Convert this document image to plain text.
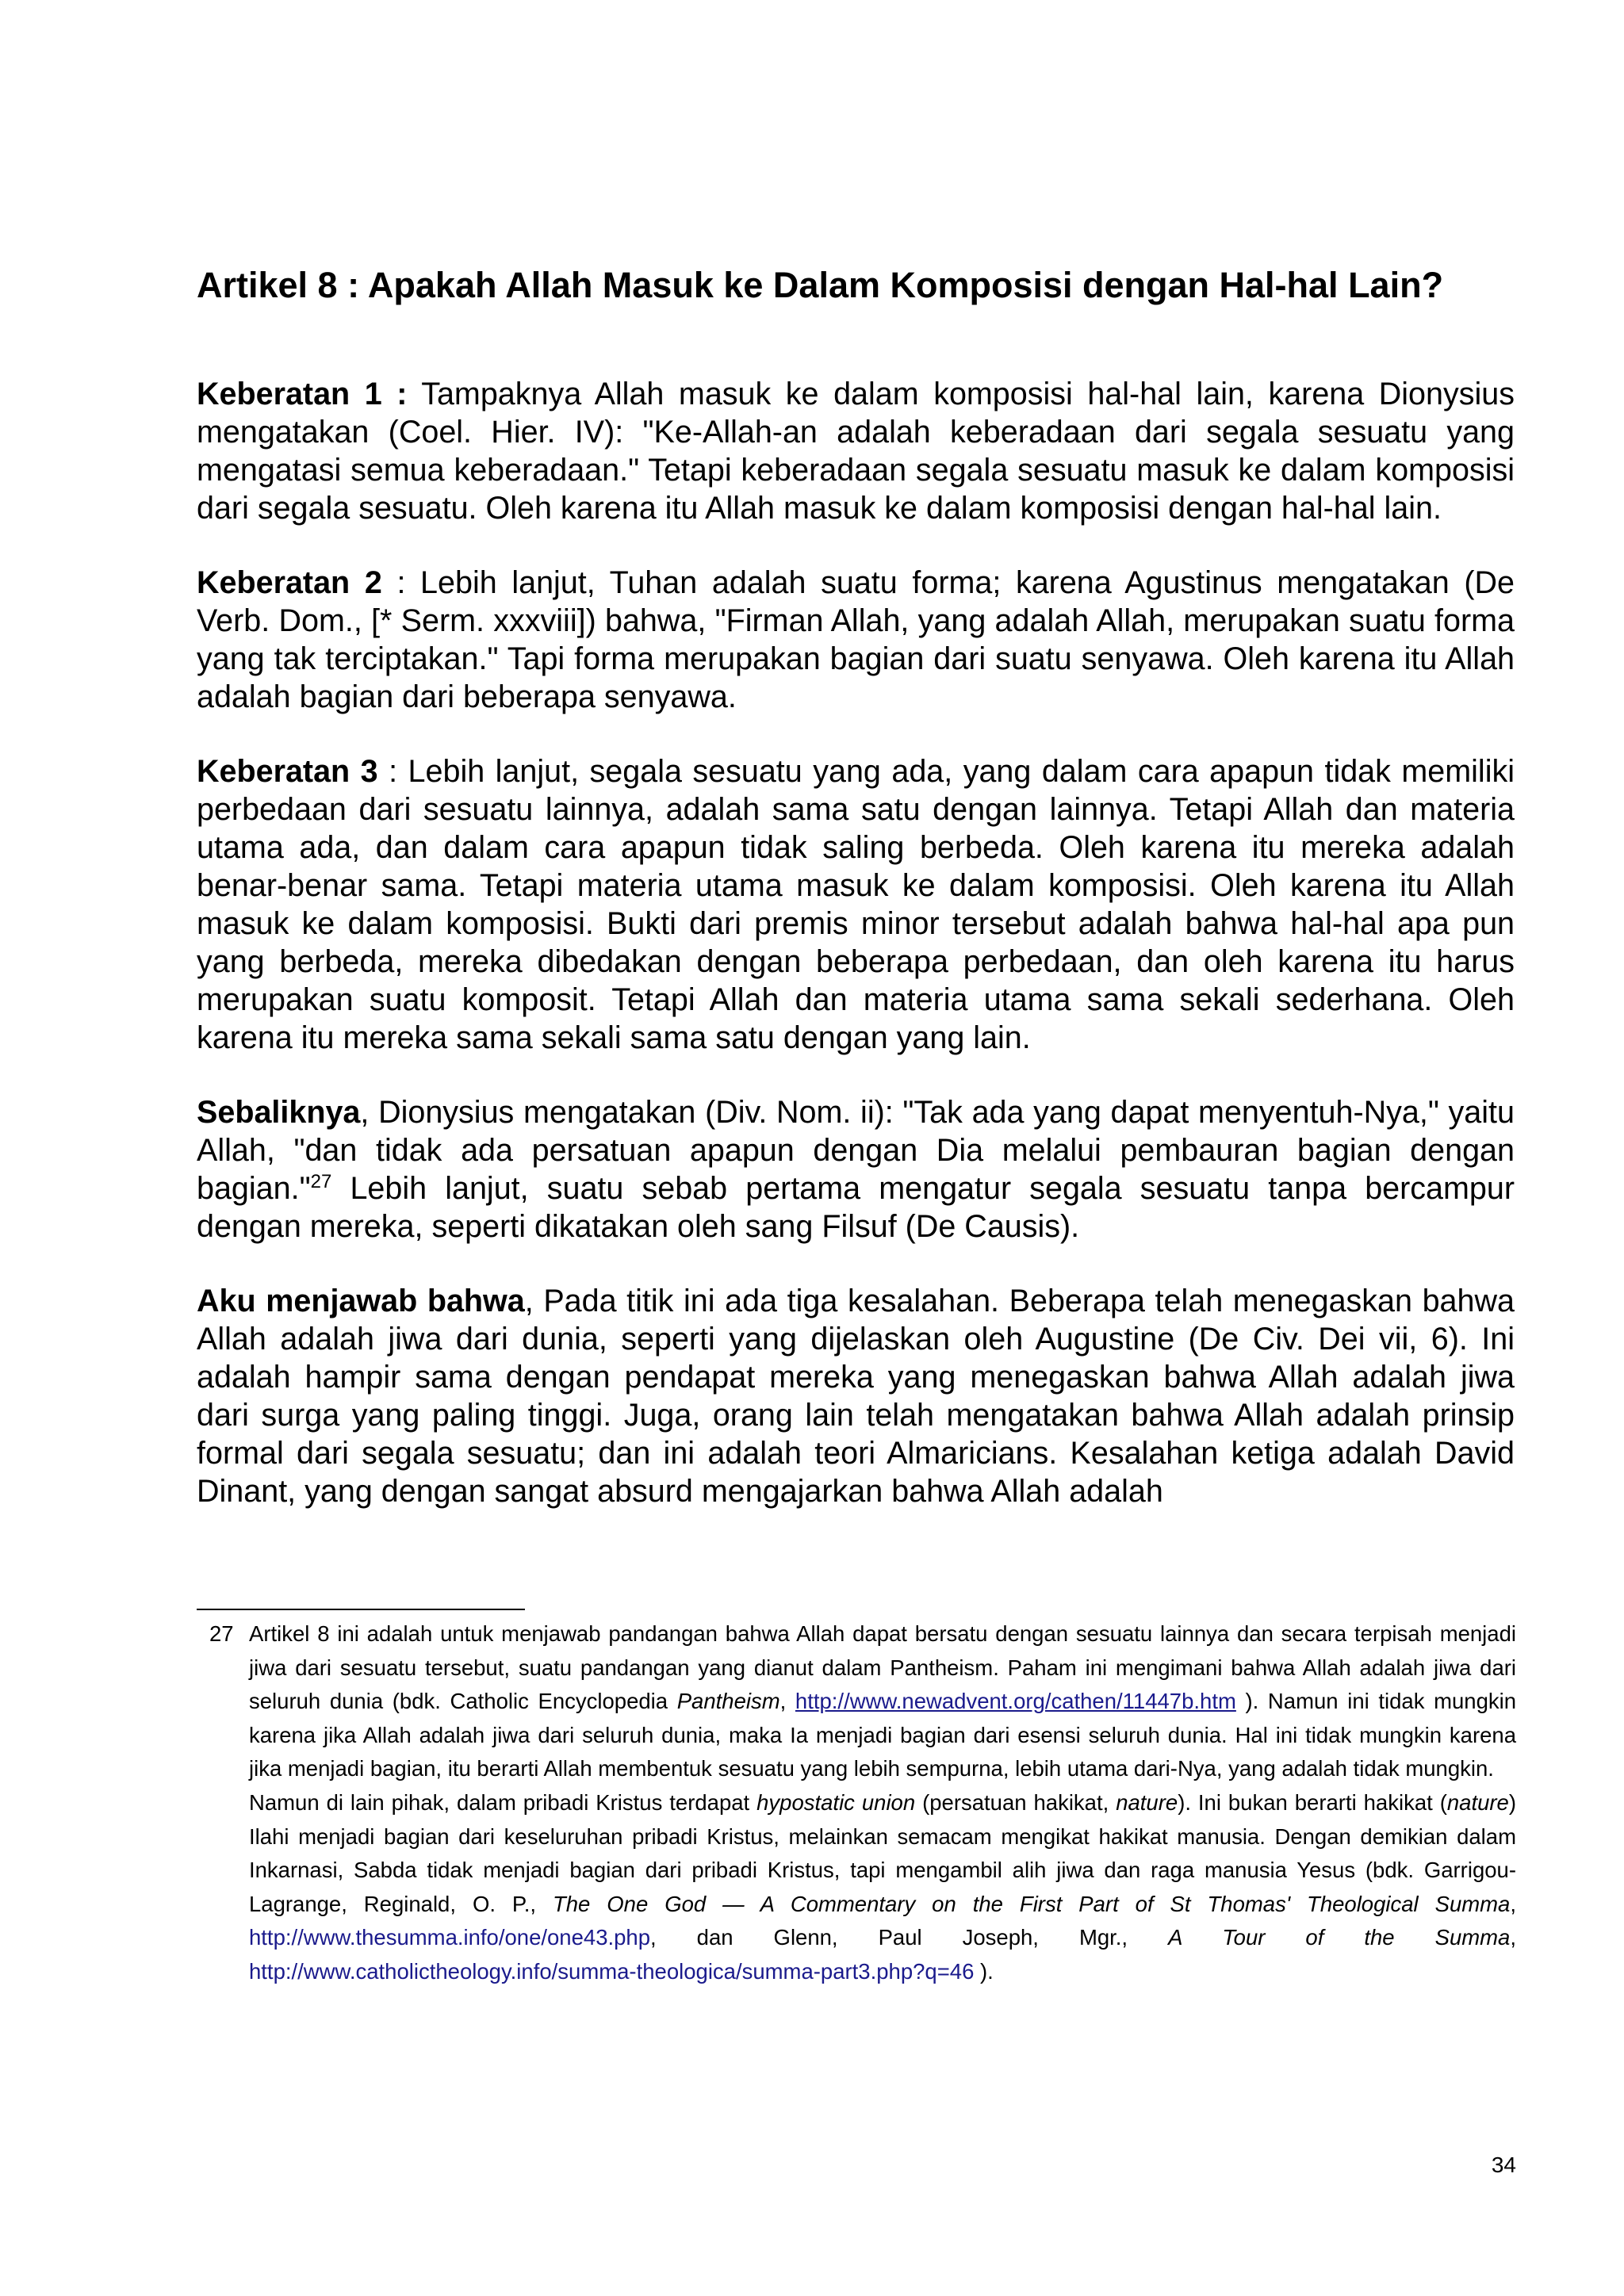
Artikel 8 : Apakah Allah Masuk ke Dalam Komposisi dengan Hal-hal Lain?

Keberatan 1 : Tampaknya Allah masuk ke dalam komposisi hal-hal lain, karena Dionysius mengatakan (Coel. Hier. IV): "Ke-Allah-an adalah keberadaan dari segala sesuatu yang mengatasi semua keberadaan." Tetapi keberadaan segala sesuatu masuk ke dalam komposisi dari segala sesuatu. Oleh karena itu Allah masuk ke dalam komposisi dengan hal-hal lain.

Keberatan 2 : Lebih lanjut, Tuhan adalah suatu forma; karena Agustinus mengatakan (De Verb. Dom., [* Serm. xxxviii]) bahwa, "Firman Allah, yang adalah Allah, merupakan suatu forma yang tak terciptakan." Tapi forma merupakan bagian dari suatu senyawa. Oleh karena itu Allah adalah bagian dari beberapa senyawa.

Keberatan 3 : Lebih lanjut, segala sesuatu yang ada, yang dalam cara apapun tidak memiliki perbedaan dari sesuatu lainnya, adalah sama satu dengan lainnya. Tetapi Allah dan materia utama ada, dan dalam cara apapun tidak saling berbeda. Oleh karena itu mereka adalah benar-benar sama. Tetapi materia utama masuk ke dalam komposisi. Oleh karena itu Allah masuk ke dalam komposisi. Bukti dari premis minor tersebut adalah bahwa hal-hal apa pun yang berbeda, mereka dibedakan dengan beberapa perbedaan, dan oleh karena itu harus merupakan suatu komposit. Tetapi Allah dan materia utama sama sekali sederhana. Oleh karena itu mereka sama sekali sama satu dengan yang lain.

Sebaliknya, Dionysius mengatakan (Div. Nom. ii): "Tak ada yang dapat menyentuh-Nya," yaitu Allah, "dan tidak ada persatuan apapun dengan Dia melalui pembauran bagian dengan bagian."$^{27}$ Lebih lanjut, suatu sebab pertama mengatur segala sesuatu tanpa bercampur dengan mereka, seperti dikatakan oleh sang Filsuf (De Causis).

Aku menjawab bahwa, Pada titik ini ada tiga kesalahan. Beberapa telah menegaskan bahwa Allah adalah jiwa dari dunia, seperti yang dijelaskan oleh Augustine (De Civ. Dei vii, 6). Ini adalah hampir sama dengan pendapat mereka yang menegaskan bahwa Allah adalah jiwa dari surga yang paling tinggi. Juga, orang lain telah mengatakan bahwa Allah adalah prinsip formal dari segala sesuatu; dan ini adalah teori Almaricians. Kesalahan ketiga adalah David Dinant, yang dengan sangat absurd mengajarkan bahwa Allah adalah

27 Artikel 8 ini adalah untuk menjawab pandangan bahwa Allah dapat bersatu dengan sesuatu lainnya dan secara terpisah menjadi jiwa dari sesuatu tersebut, suatu pandangan yang dianut dalam Pantheism. Paham ini mengimani bahwa Allah adalah jiwa dari seluruh dunia (bdk. Catholic Encyclopedia Pantheism, http://www.newadvent.org/cathen/11447b.htm ). Namun ini tidak mungkin karena jika Allah adalah jiwa dari seluruh dunia, maka Ia menjadi bagian dari esensi seluruh dunia. Hal ini tidak mungkin karena jika menjadi bagian, itu berarti Allah membentuk sesuatu yang lebih sempurna, lebih utama dari-Nya, yang adalah tidak mungkin.

Namun di lain pihak, dalam pribadi Kristus terdapat hypostatic union (persatuan hakikat, nature). Ini bukan berarti hakikat (nature) Ilahi menjadi bagian dari keseluruhan pribadi Kristus, melainkan semacam mengikat hakikat manusia. Dengan demikian dalam Inkarnasi, Sabda tidak menjadi bagian dari pribadi Kristus, tapi mengambil alih jiwa dan raga manusia Yesus (bdk. Garrigou-Lagrange, Reginald, O. P., The One God — A Commentary on the First Part of St Thomas' Theological Summa, http://www.thesumma.info/one/one43.php, dan Glenn, Paul Joseph, Mgr., A Tour of the Summa, http://www.catholictheology.info/summa-theologica/summa-part3.php?q=46 ).

34
